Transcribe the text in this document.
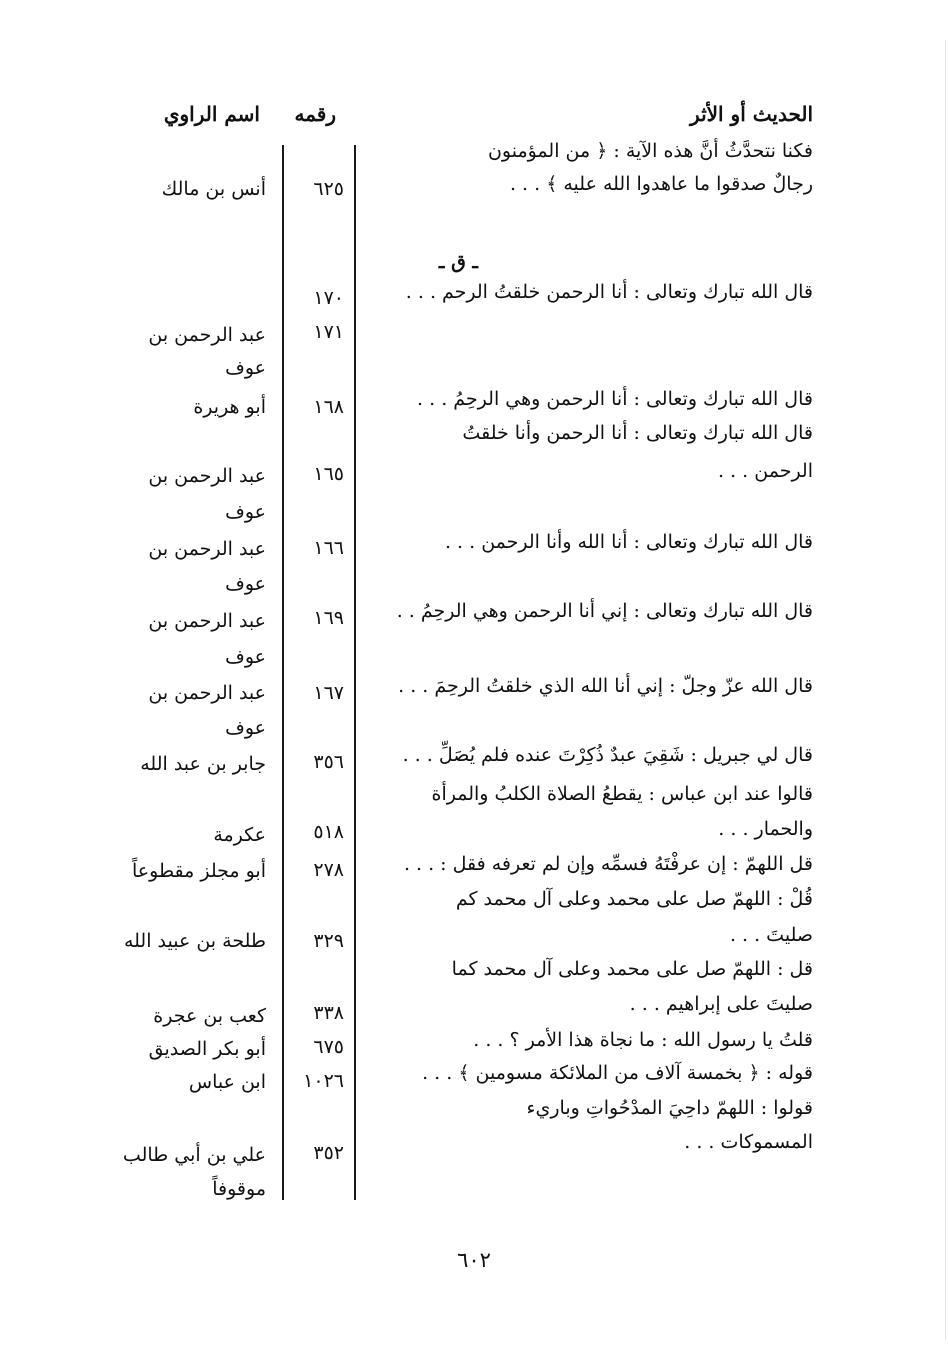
الحديث أو الأثر
رقمه
اسم الراوي
فكنا نتحدَّثُ أنَّ هذه الآية : ﴿ من المؤمنون
رجالٌ صدقوا ما عاهدوا الله عليه ﴾ . . .
٦٢٥
أنس بن مالك
ـ ق ـ
قال الله تبارك وتعالى : أنا الرحمن خلقتُ الرحم . . .
١٧٠
١٧١
عبد الرحمن بن
عوف
قال الله تبارك وتعالى : أنا الرحمن وهي الرحِمُ . . .
١٦٨
أبو هريرة
قال الله تبارك وتعالى : أنا الرحمن وأنا خلقتُ
الرحمن . . .
١٦٥
عبد الرحمن بن
عوف
قال الله تبارك وتعالى : أنا الله وأنا الرحمن . . .
١٦٦
عبد الرحمن بن
عوف
قال الله تبارك وتعالى : إني أنا الرحمن وهي الرحِمُ . .
١٦٩
عبد الرحمن بن
عوف
قال الله عزّ وجلّ : إني أنا الله الذي خلقتُ الرحِمَ . . .
١٦٧
عبد الرحمن بن
عوف
قال لي جبريل : شَقِيَ عبدٌ ذُكِرْتَ عنده فلم يُصَلِّ . . .
٣٥٦
جابر بن عبد الله
قالوا عند ابن عباس : يقطعُ الصلاة الكلبُ والمرأة
والحمار . . .
٥١٨
عكرمة
قل اللهمّ : إن عرفْتَهُ فسمِّه وإن لم تعرفه فقل : . . .
٢٧٨
أبو مجلز مقطوعاً
قُلْ : اللهمّ صل على محمد وعلى آل محمد كم
صليتَ . . .
٣٢٩
طلحة بن عبيد الله
قل : اللهمّ صل على محمد وعلى آل محمد كما
صليتَ على إبراهيم . . .
٣٣٨
كعب بن عجرة
قلتُ يا رسول الله : ما نجاة هذا الأمر ؟ . . .
٦٧٥
أبو بكر الصديق
قوله : ﴿ بخمسة آلاف من الملائكة مسومين ﴾ . . .
١٠٢٦
ابن عباس
قولوا : اللهمّ داحِيَ المدْحُواتِ وباريء
المسموكات . . .
٣٥٢
علي بن أبي طالب
موقوفاً
٦٠٢
